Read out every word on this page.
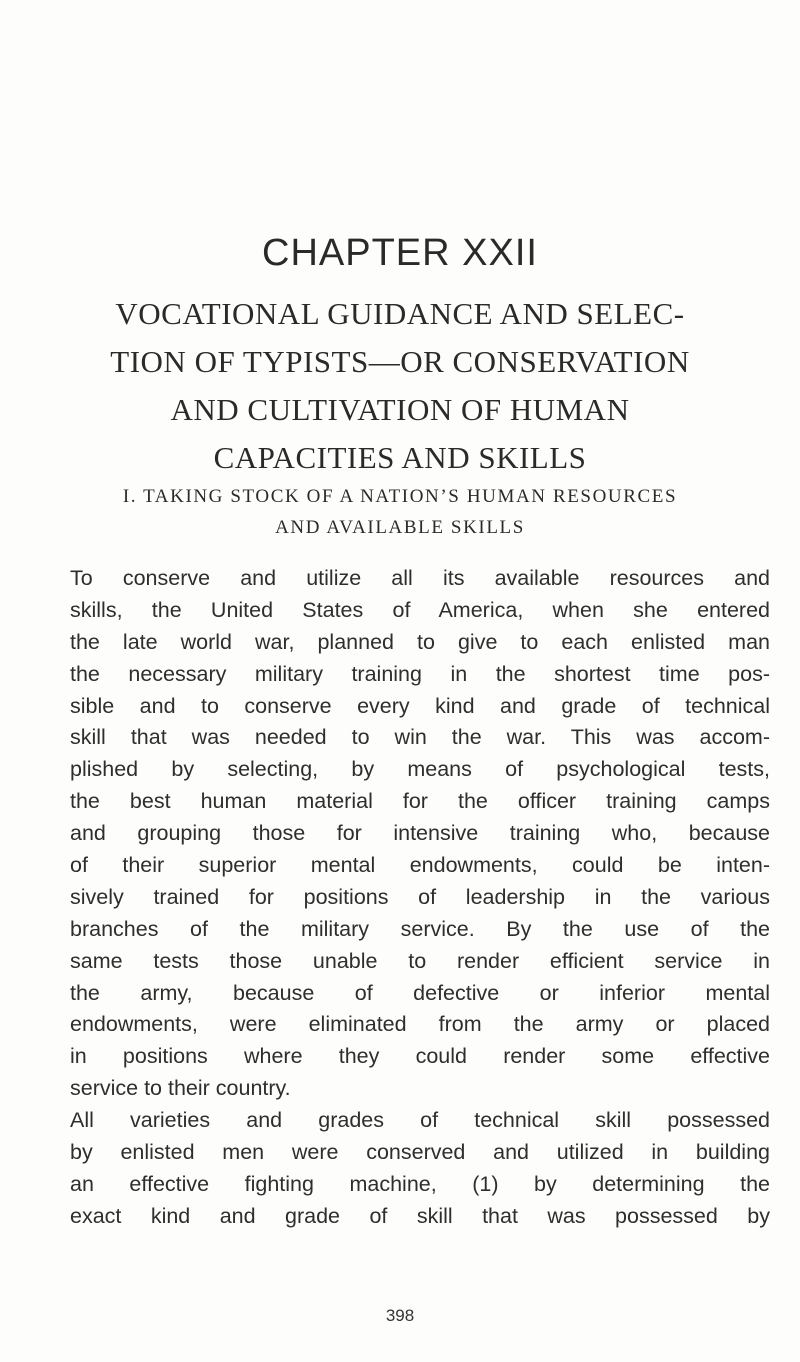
CHAPTER XXII
VOCATIONAL GUIDANCE AND SELEC-
TION OF TYPISTS—OR CONSERVATION
AND CULTIVATION OF HUMAN
CAPACITIES AND SKILLS
I. TAKING STOCK OF A NATION’S HUMAN RESOURCES
AND AVAILABLE SKILLS
To conserve and utilize all its available resources and
skills, the United States of America, when she entered
the late world war, planned to give to each enlisted man
the necessary military training in the shortest time pos-
sible and to conserve every kind and grade of technical
skill that was needed to win the war. This was accom-
plished by selecting, by means of psychological tests,
the best human material for the officer training camps
and grouping those for intensive training who, because
of their superior mental endowments, could be inten-
sively trained for positions of leadership in the various
branches of the military service. By the use of the
same tests those unable to render efficient service in
the army, because of defective or inferior mental
endowments, were eliminated from the army or placed
in positions where they could render some effective
service to their country.
All varieties and grades of technical skill possessed
by enlisted men were conserved and utilized in building
an effective fighting machine, (1) by determining the
exact kind and grade of skill that was possessed by
398
